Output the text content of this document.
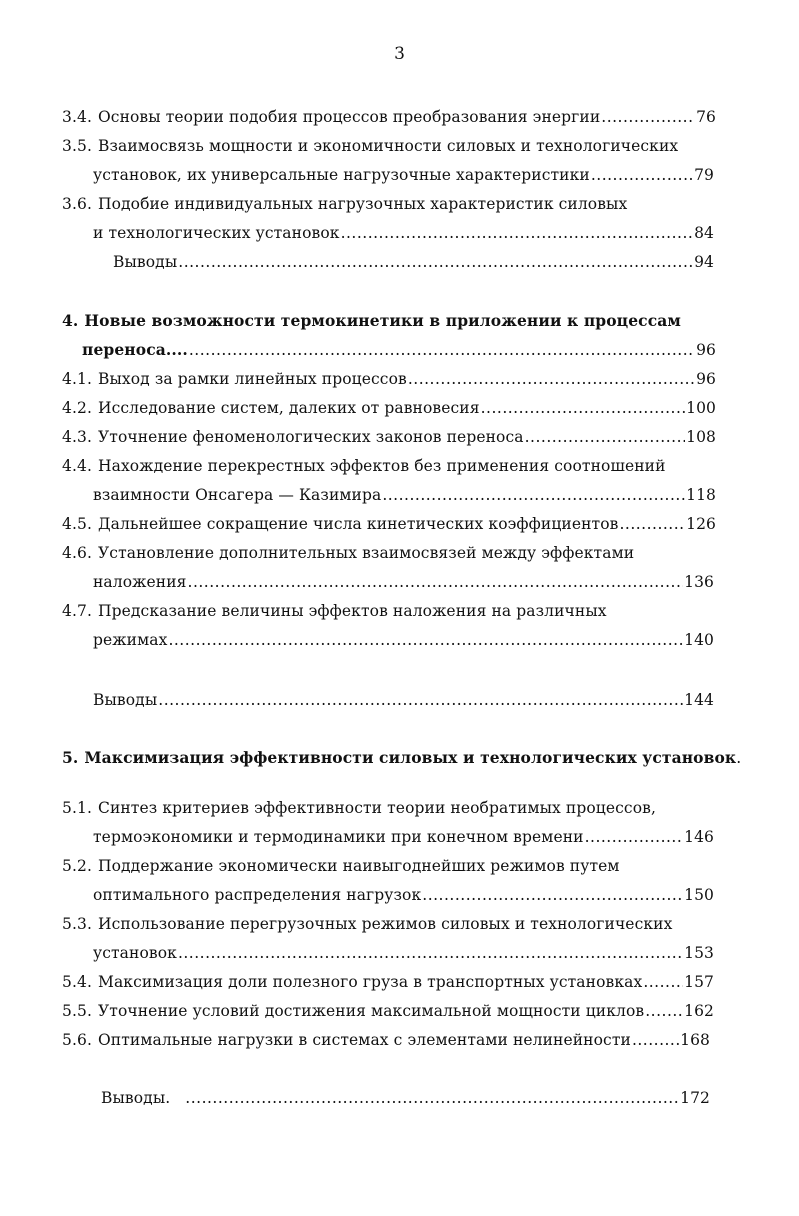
3
3.4. Основы теории подобия процессов преобразования энергии .....	76
3.5. Взаимосвязь мощности и экономичности силовых и технологических
установок, их универсальные нагрузочные характеристики .....	79
3.6. Подобие индивидуальных нагрузочных характеристик силовых
и технологических установок .....	84
Выводы .....	94
4. Новые возможности термокинетики в приложении к процессам
переноса.... .....	96
4.1. Выход за рамки линейных процессов .....	96
4.2. Исследование систем, далеких от равновесия .....	100
4.3. Уточнение феноменологических законов переноса .....	108
4.4. Нахождение перекрестных эффектов без применения соотношений
взаимности Онсагера — Казимира .....	118
4.5. Дальнейшее сокращение числа кинетических коэффициентов .....	126
4.6. Установление дополнительных взаимосвязей между эффектами
наложения .....	136
4.7. Предсказание величины эффектов наложения на различных
режимах .....	140
Выводы .....	144
5. Максимизация эффективности силовых и технологических установок .
5.1. Синтез критериев эффективности теории необратимых процессов,
термоэкономики и термодинамики при конечном времени .....	146
5.2. Поддержание экономически наивыгоднейших режимов путем
оптимального распределения нагрузок .....	150
5.3. Использование перегрузочных режимов силовых и технологических
установок .....	153
5.4. Максимизация доли полезного груза в транспортных установках .....	157
5.5. Уточнение условий достижения максимальной мощности циклов .....	162
5.6. Оптимальные нагрузки в системах с элементами нелинейности .....	168
Выводы. .....	172
